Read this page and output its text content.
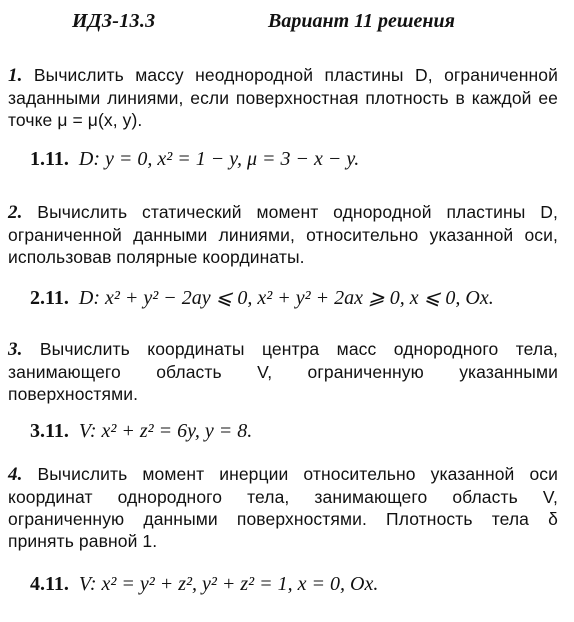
ИДЗ-13.3	Вариант 11 решения

1. Вычислить массу неоднородной пластины D, ограниченной заданными линиями, если поверхностная плотность в каждой ее точке μ = μ(x, y).

1.11. D: y = 0, x² = 1 − y, μ = 3 − x − y.

2. Вычислить статический момент однородной пластины D, ограниченной данными линиями, относительно указанной оси, использовав полярные координаты.

2.11. D: x² + y² − 2ay ⩽ 0, x² + y² + 2ax ⩾ 0, x ⩽ 0, Ox.

3. Вычислить координаты центра масс однородного тела, занимающего область V, ограниченную указанными поверхностями.

3.11. V: x² + z² = 6y, y = 8.

4. Вычислить момент инерции относительно указанной оси координат однородного тела, занимающего область V, ограниченную данными поверхностями. Плотность тела δ принять равной 1.

4.11. V: x² = y² + z², y² + z² = 1, x = 0, Ox.
